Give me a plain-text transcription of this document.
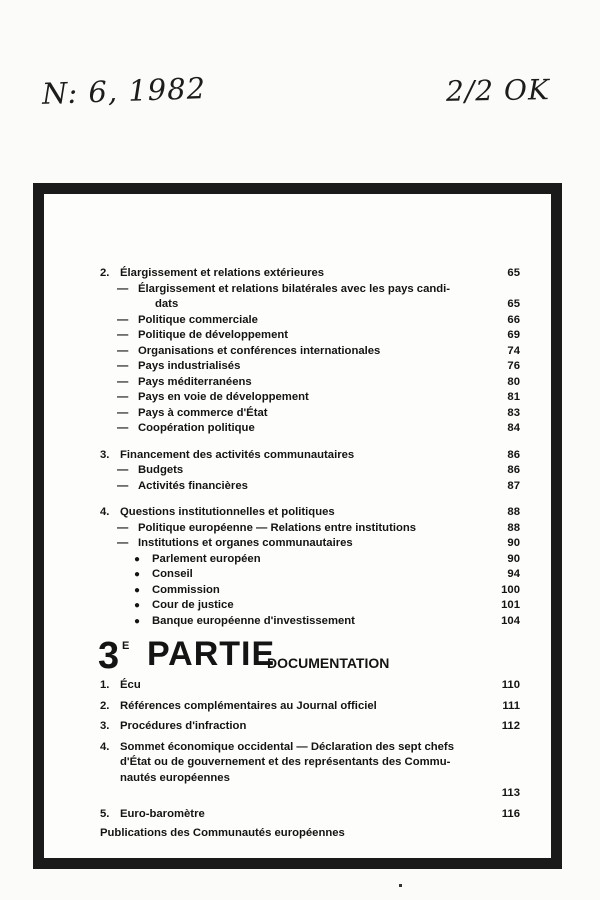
N: 6, 1982	2/2 OK
2. Élargissement et relations extérieures	65
— Élargissement et relations bilatérales avec les pays candi-
dats	65
— Politique commerciale	66
— Politique de développement	69
— Organisations et conférences internationales	74
— Pays industrialisés	76
— Pays méditerranéens	80
— Pays en voie de développement	81
— Pays à commerce d'État	83
— Coopération politique	84
3. Financement des activités communautaires	86
— Budgets	86
— Activités financières	87
4. Questions institutionnelles et politiques	88
— Politique européenne — Relations entre institutions	88
— Institutions et organes communautaires	90
● Parlement européen	90
● Conseil	94
● Commission	100
● Cour de justice	101
● Banque européenne d'investissement	104
3 E PARTIE
DOCUMENTATION
1. Écu	110
2. Références complémentaires au Journal officiel	111
3. Procédures d'infraction	112
4. Sommet économique occidental — Déclaration des sept chefs
d'État ou de gouvernement et des représentants des Commu-
nautés européennes
113
5. Euro-baromètre	116
Publications des Communautés européennes
